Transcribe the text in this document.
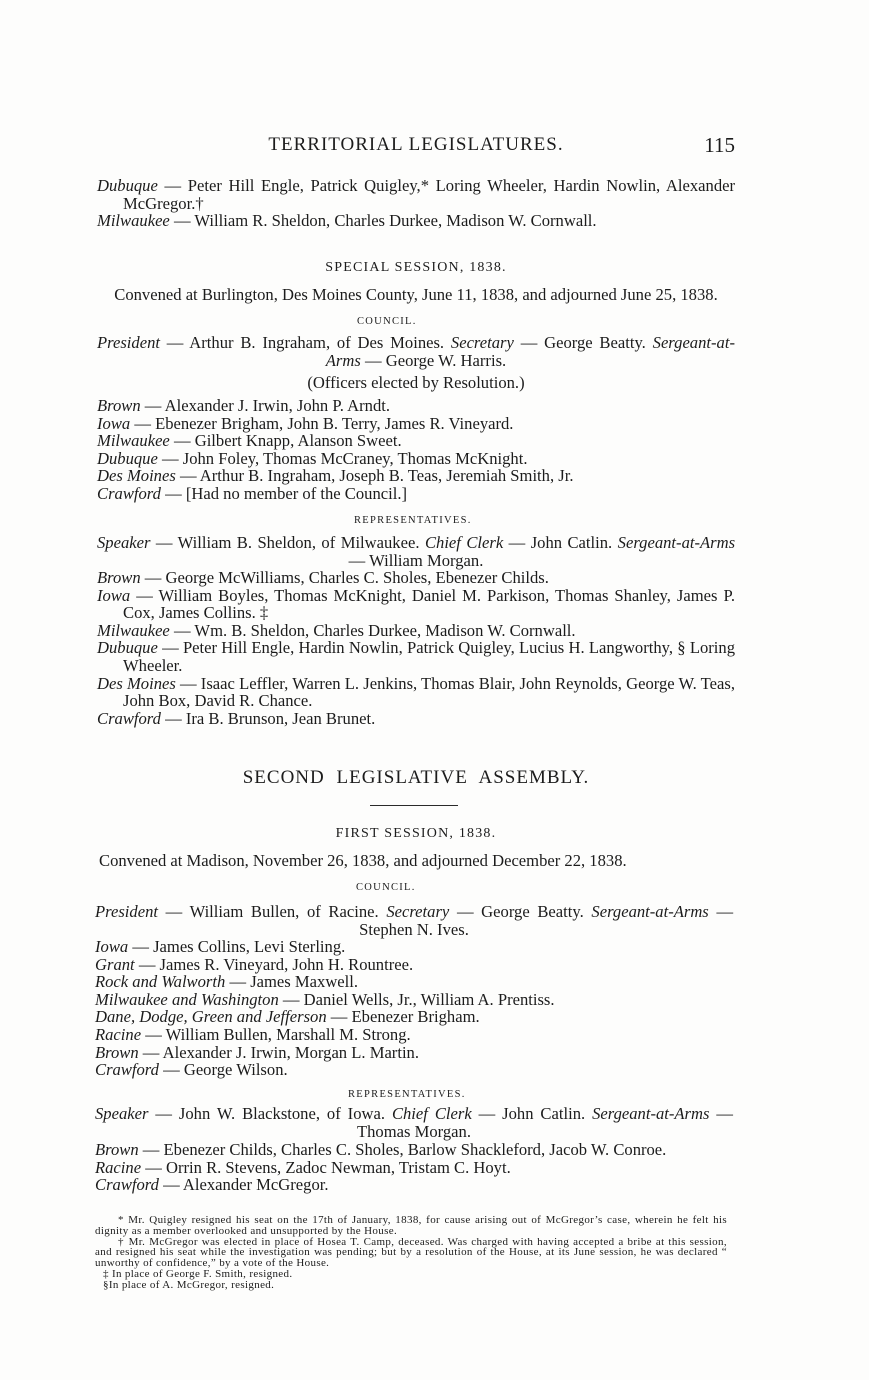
TERRITORIAL LEGISLATURES.	115

Dubuque — Peter Hill Engle, Patrick Quigley,* Loring Wheeler, Hardin Nowlin, Alexander McGregor.†

Milwaukee — William R. Sheldon, Charles Durkee, Madison W. Cornwall.

SPECIAL SESSION, 1838.
Convened at Burlington, Des Moines County, June 11, 1838, and adjourned June 25, 1838.
COUNCIL.

President — Arthur B. Ingraham, of Des Moines. Secretary — George Beatty. Sergeant-at-Arms — George W. Harris.

(Officers elected by Resolution.)

Brown — Alexander J. Irwin, John P. Arndt.

Iowa — Ebenezer Brigham, John B. Terry, James R. Vineyard.

Milwaukee — Gilbert Knapp, Alanson Sweet.

Dubuque — John Foley, Thomas McCraney, Thomas McKnight.

Des Moines — Arthur B. Ingraham, Joseph B. Teas, Jeremiah Smith, Jr.

Crawford — [Had no member of the Council.]

REPRESENTATIVES.

Speaker — William B. Sheldon, of Milwaukee. Chief Clerk — John Catlin. Sergeant-at-Arms — William Morgan.

Brown — George McWilliams, Charles C. Sholes, Ebenezer Childs.

Iowa — William Boyles, Thomas McKnight, Daniel M. Parkison, Thomas Shanley, James P. Cox, James Collins. ‡

Milwaukee — Wm. B. Sheldon, Charles Durkee, Madison W. Cornwall.

Dubuque — Peter Hill Engle, Hardin Nowlin, Patrick Quigley, Lucius H. Langworthy, § Loring Wheeler.

Des Moines — Isaac Leffler, Warren L. Jenkins, Thomas Blair, John Reynolds, George W. Teas, John Box, David R. Chance.

Crawford — Ira B. Brunson, Jean Brunet.

SECOND LEGISLATIVE ASSEMBLY.
FIRST SESSION, 1838.
Convened at Madison, November 26, 1838, and adjourned December 22, 1838.
COUNCIL.

President — William Bullen, of Racine. Secretary — George Beatty. Sergeant-at-Arms — Stephen N. Ives.

Iowa — James Collins, Levi Sterling.

Grant — James R. Vineyard, John H. Rountree.

Rock and Walworth — James Maxwell.

Milwaukee and Washington — Daniel Wells, Jr., William A. Prentiss.

Dane, Dodge, Green and Jefferson — Ebenezer Brigham.

Racine — William Bullen, Marshall M. Strong.

Brown — Alexander J. Irwin, Morgan L. Martin.

Crawford — George Wilson.

REPRESENTATIVES.

Speaker — John W. Blackstone, of Iowa. Chief Clerk — John Catlin. Sergeant-at-Arms — Thomas Morgan.

Brown — Ebenezer Childs, Charles C. Sholes, Barlow Shackleford, Jacob W. Conroe.

Racine — Orrin R. Stevens, Zadoc Newman, Tristam C. Hoyt.

Crawford — Alexander McGregor.

* Mr. Quigley resigned his seat on the 17th of January, 1838, for cause arising out of McGregor’s case, wherein he felt his dignity as a member overlooked and unsupported by the House.

† Mr. McGregor was elected in place of Hosea T. Camp, deceased. Was charged with having accepted a bribe at this session, and resigned his seat while the investigation was pending; but by a resolution of the House, at its June session, he was declared “ unworthy of confidence,” by a vote of the House.

‡ In place of George F. Smith, resigned.

§In place of A. McGregor, resigned.
